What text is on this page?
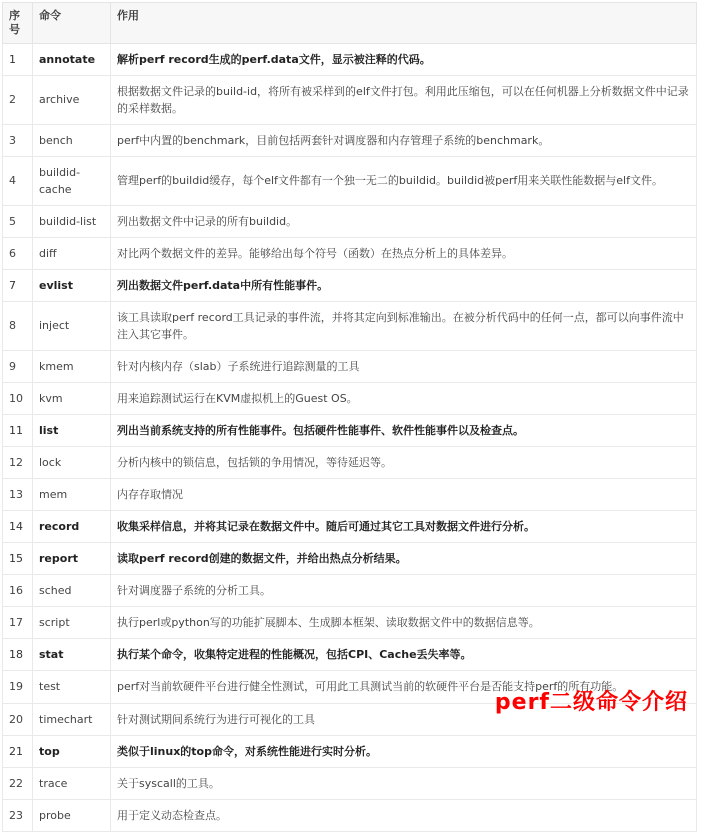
序号	命令	作用
1	annotate	解析perf record生成的perf.data文件，显示被注释的代码。
2	archive	根据数据文件记录的build-id，将所有被采样到的elf文件打包。利用此压缩包，可以在任何机器上分析数据文件中记录的采样数据。
3	bench	perf中内置的benchmark，目前包括两套针对调度器和内存管理子系统的benchmark。
4	buildid-cache	管理perf的buildid缓存，每个elf文件都有一个独一无二的buildid。buildid被perf用来关联性能数据与elf文件。
5	buildid-list	列出数据文件中记录的所有buildid。
6	diff	对比两个数据文件的差异。能够给出每个符号（函数）在热点分析上的具体差异。
7	evlist	列出数据文件perf.data中所有性能事件。
8	inject	该工具读取perf record工具记录的事件流，并将其定向到标准输出。在被分析代码中的任何一点，都可以向事件流中注入其它事件。
9	kmem	针对内核内存（slab）子系统进行追踪测量的工具
10	kvm	用来追踪测试运行在KVM虚拟机上的Guest OS。
11	list	列出当前系统支持的所有性能事件。包括硬件性能事件、软件性能事件以及检查点。
12	lock	分析内核中的锁信息，包括锁的争用情况，等待延迟等。
13	mem	内存存取情况
14	record	收集采样信息，并将其记录在数据文件中。随后可通过其它工具对数据文件进行分析。
15	report	读取perf record创建的数据文件，并给出热点分析结果。
16	sched	针对调度器子系统的分析工具。
17	script	执行perl或python写的功能扩展脚本、生成脚本框架、读取数据文件中的数据信息等。
18	stat	执行某个命令，收集特定进程的性能概况，包括CPI、Cache丢失率等。
19	test	perf对当前软硬件平台进行健全性测试，可用此工具测试当前的软硬件平台是否能支持perf的所有功能。
20	timechart	针对测试期间系统行为进行可视化的工具
21	top	类似于linux的top命令，对系统性能进行实时分析。
22	trace	关于syscall的工具。
23	probe	用于定义动态检查点。
perf二级命令介绍
